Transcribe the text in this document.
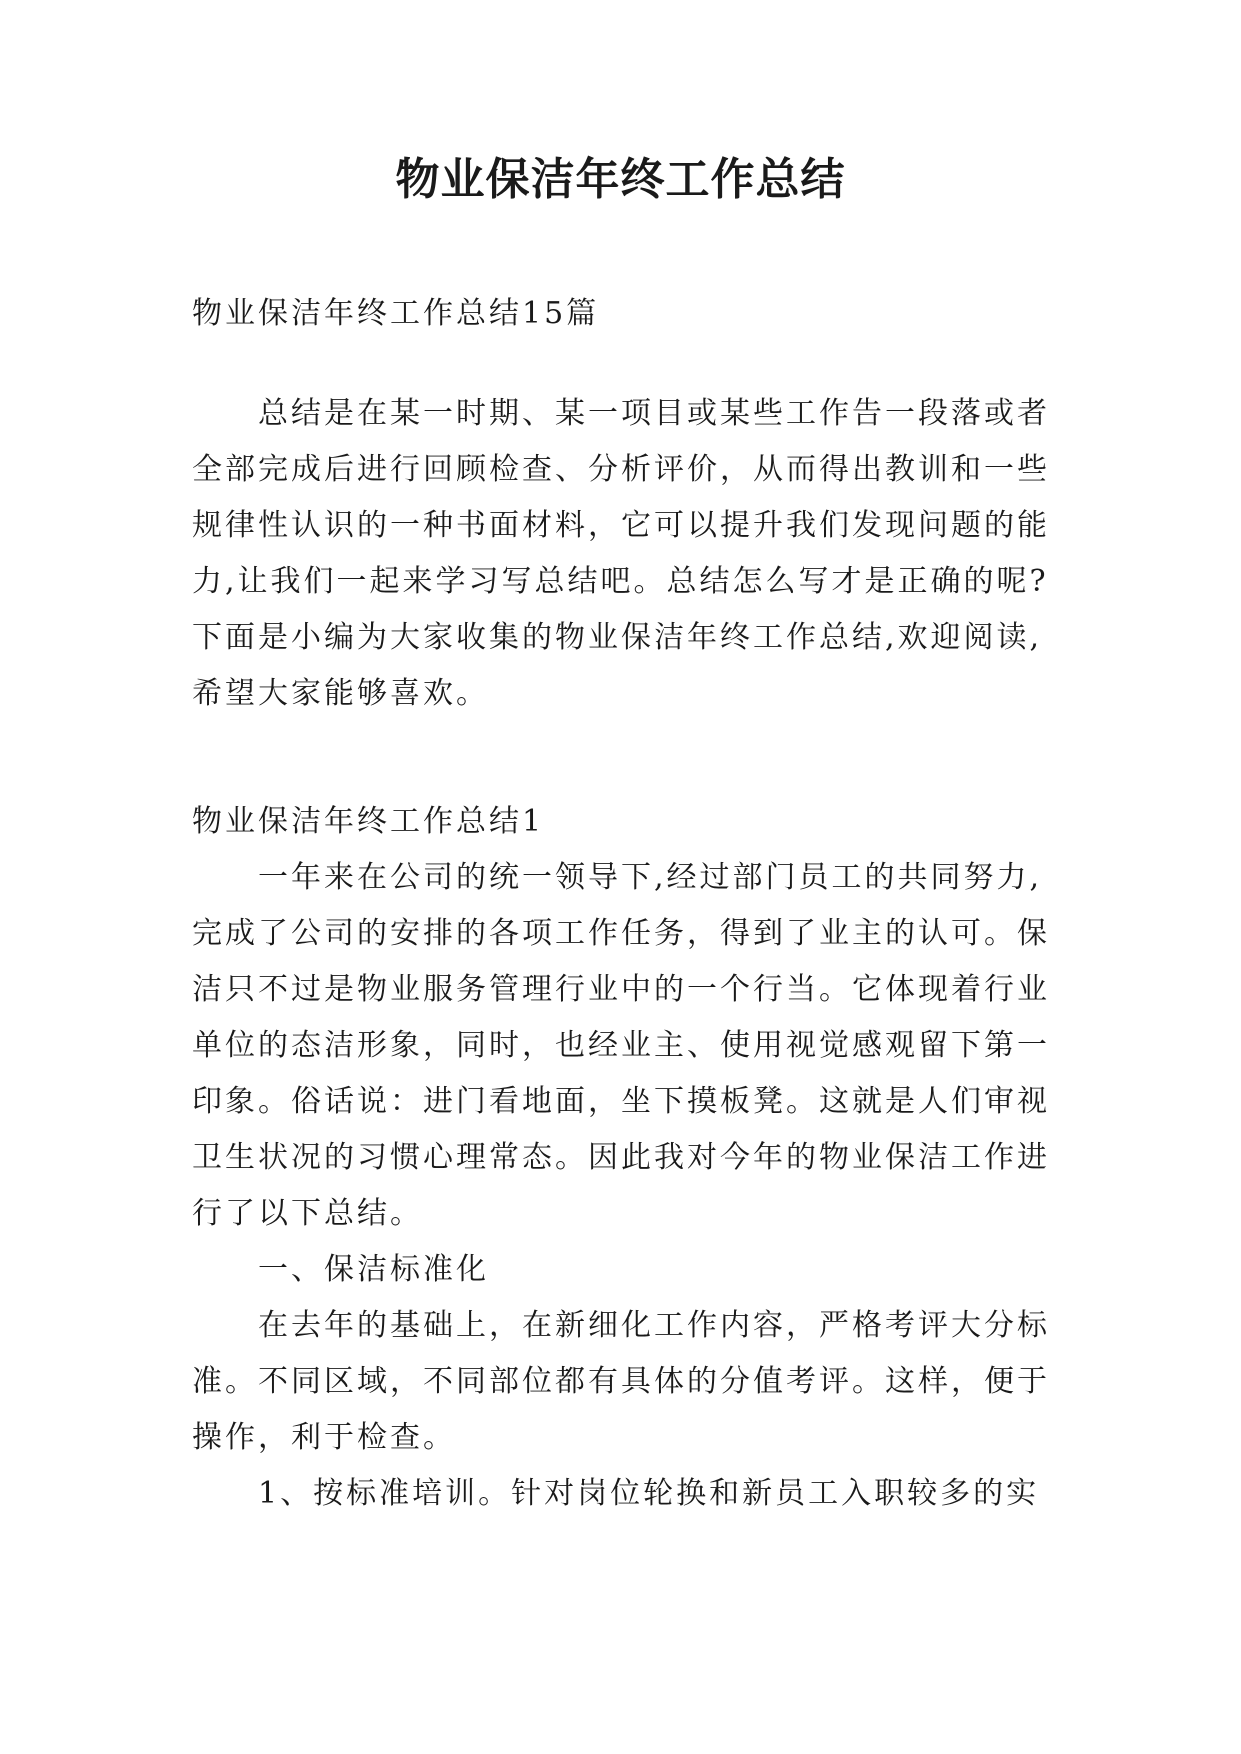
物业保洁年终工作总结

物业保洁年终工作总结15篇

总结是在某一时期、某一项目或某些工作告一段落或者

全部完成后进行回顾检查、分析评价，从而得出教训和一些

规律性认识的一种书面材料，它可以提升我们发现问题的能

力,让我们一起来学习写总结吧。总结怎么写才是正确的呢?

下面是小编为大家收集的物业保洁年终工作总结,欢迎阅读,

希望大家能够喜欢。

物业保洁年终工作总结1

一年来在公司的统一领导下,经过部门员工的共同努力,

完成了公司的安排的各项工作任务，得到了业主的认可。保

洁只不过是物业服务管理行业中的一个行当。它体现着行业

单位的态洁形象，同时，也经业主、使用视觉感观留下第一

印象。俗话说：进门看地面，坐下摸板凳。这就是人们审视

卫生状况的习惯心理常态。因此我对今年的物业保洁工作进

行了以下总结。

一、保洁标准化

在去年的基础上，在新细化工作内容，严格考评大分标

准。不同区域，不同部位都有具体的分值考评。这样，便于

操作，利于检查。

1、按标准培训。针对岗位轮换和新员工入职较多的实
